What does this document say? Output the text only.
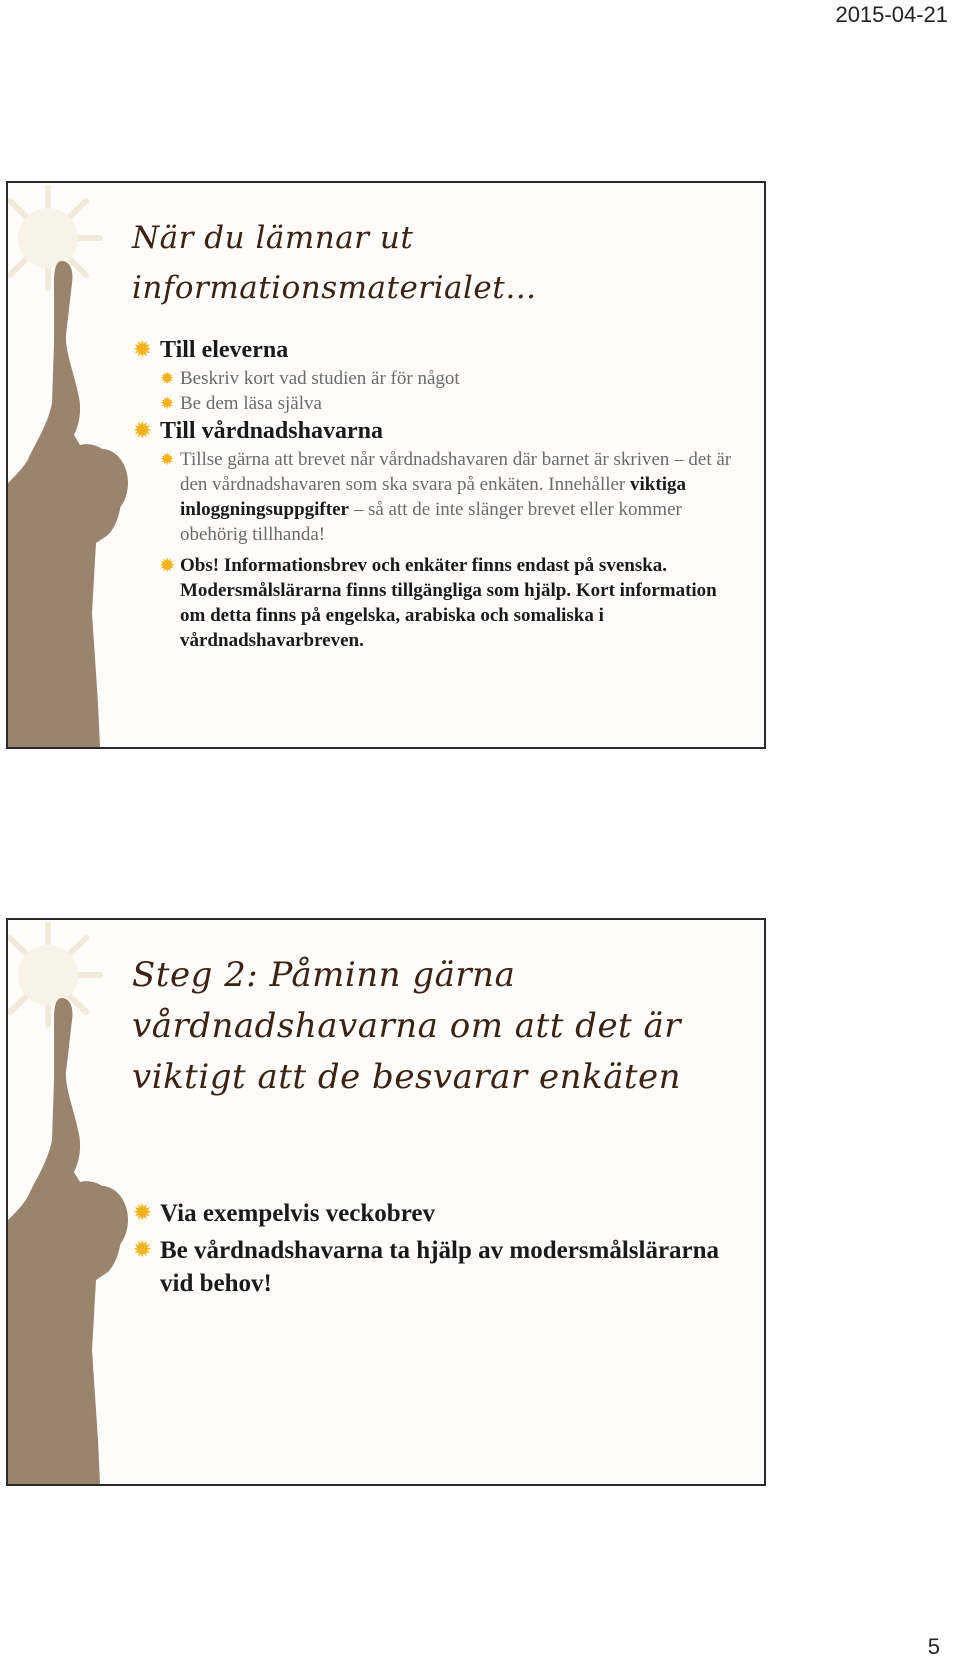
2015-04-21
När du lämnar ut informationsmaterialet…
✹ Till eleverna
✹ Beskriv kort vad studien är för något
✹ Be dem läsa själva
✹ Till vårdnadshavarna
✹ Tillse gärna att brevet når vårdnadshavaren där barnet är skriven – det är den vårdnadshavaren som ska svara på enkäten. Innehåller viktiga inloggningsuppgifter – så att de inte slänger brevet eller kommer obehörig tillhanda!
✹ Obs! Informationsbrev och enkäter finns endast på svenska. Modersmålslärarna finns tillgängliga som hjälp. Kort information om detta finns på engelska, arabiska och somaliska i vårdnadshavarbreven.
Steg 2: Påminn gärna vårdnadshavarna om att det är viktigt att de besvarar enkäten
✹ Via exempelvis veckobrev
✹ Be vårdnadshavarna ta hjälp av modersmålslärarna vid behov!
5
